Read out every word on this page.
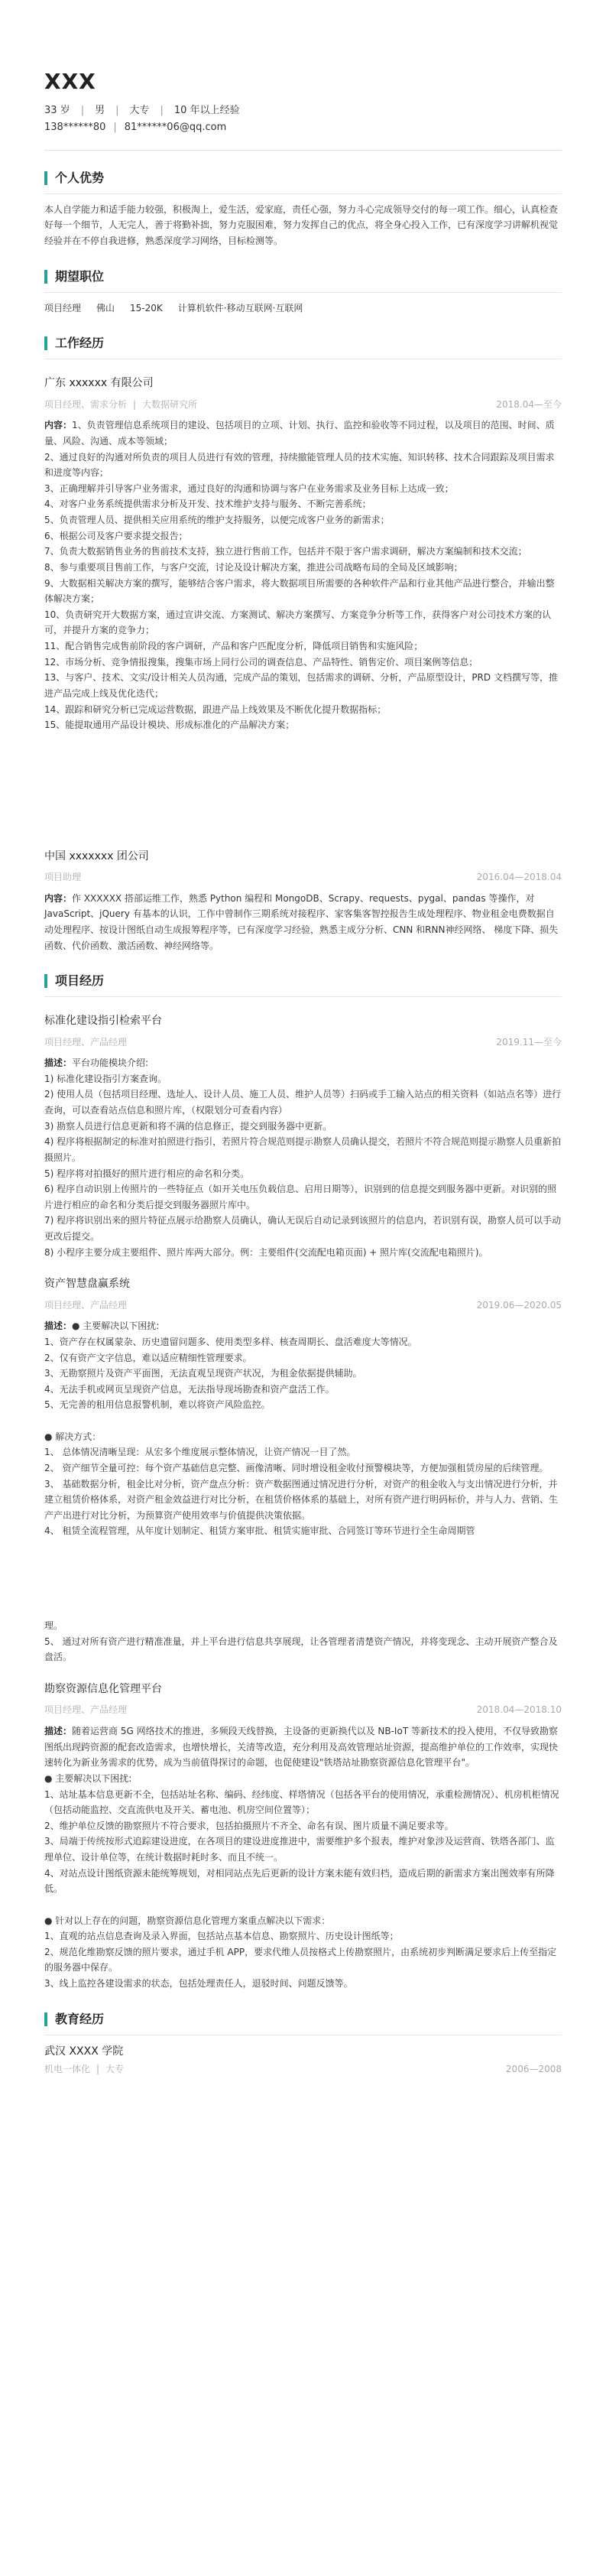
XXX
33 岁 | 男 | 大专 | 10 年以上经验
138******80 | 81******06@qq.com
个人优势

本人自学能力和适手能力较强，积极淘上，爱生活，爱家庭，责任心强，努力斗心完成领导交付的每一项工作。细心，认真检查好每一个细节，人无完人，善于将勤补拙，努力克服困难，努力发挥自己的优点，将全身心投入工作，已有深度学习讲解机视觉经验并在不停自我进修，熟悉深度学习网络，目标检测等。

期望职位
项目经理 佛山 15-20K 计算机软件·移动互联网·互联网
工作经历
广东 xxxxxx 有限公司
项目经理、需求分析 | 大数据研究所	2018.04—至今

内容：1、负责管理信息系统项目的建设、包括项目的立项、计划、执行、监控和验收等不同过程，以及项目的范围、时间、质量、风险、沟通、成本等领域；

2、通过良好的沟通对所负责的项目人员进行有效的管理，持续撤能管理人员的技术实施、知识转移、技术合同跟踪及项目需求和进度等内容；

3、正确理解并引导客户业务需求，通过良好的沟通和协调与客户在业务需求及业务目标上达成一致；

4、对客户业务系统提供需求分析及开发、技术维护支持与服务、不断完善系统；

5、负责管理人员、提供相关应用系统的维护支持服务，以便完成客户业务的新需求；

6、根据公司及客户要求提交报告；

7、负责大数据销售业务的售前技术支持，独立进行售前工作，包括并不限于客户需求调研，解决方案编制和技术交流；

8、参与重要项目售前工作，与客户交流，讨论及设计解决方案，推进公司战略布局的全局及区域影响；

9、大数据相关解决方案的撰写，能够结合客户需求，将大数据项目所需要的各种软件产品和行业其他产品进行整合，并输出整体解决方案；

10、负责研究开大数据方案，通过宣讲交流、方案测试、解决方案撰写、方案竞争分析等工作，获得客户对公司技术方案的认可，并提升方案的竞争力；

11、配合销售完成售前阶段的客户调研，产品和客户匹配度分析，降低项目销售和实施风险；

12、市场分析、竞争情报搜集，搜集市场上同行公司的调查信息、产品特性、销售定价、项目案例等信息；

13、与客户、技术、文实/设计相关人员沟通，完成产品的策划，包括需求的调研、分析，产品原型设计，PRD 文档撰写等，推进产品完成上线及优化迭代；

14、跟踪和研究分析已完成运营数据，跟进产品上线效果及不断优化提升数据指标；

15、能提取通用产品设计模块、形成标准化的产品解决方案；

中国 xxxxxxx 团公司
项目助理	2016.04—2018.04

内容：作 XXXXXX 搭部运维工作，熟悉 Python 编程和 MongoDB、Scrapy、requests、pygal、pandas 等操作，对 JavaScript、jQuery 有基本的认识，工作中曾制作三期系统对接程序、家客集客智控报告生成处理程序、物业租金电费数据自动处理程序、按设计图纸自动生成报筹程序等，已有深度学习经验，熟悉主成分分析、CNN 和RNN神经网络、 梯度下降、损失函数、代价函数、激活函数、神经网络等。

项目经历
标准化建设指引检索平台
项目经理、产品经理	2019.11—至今

描述：平台功能模块介绍:

1) 标准化建设指引方案查询。

2) 使用人员（包括项目经理、选址人、设计人员、施工人员、维护人员等）扫码或手工输入站点的相关资料（如站点名等）进行查询，可以查看站点信息和照片库，（权限划分可查看内容）

3) 勘察人员进行信息更新和将不满的信息修正，提交到服务器中更新。

4) 程序将根据制定的标准对拍照进行指引，若照片符合规范则提示勘察人员确认提交，若照片不符合规范则提示勘察人员重新拍摄照片。

5) 程序将对拍摄好的照片进行相应的命名和分类。

6) 程序自动识别上传照片的一些特征点（如开关电压负载信息、启用日期等），识别到的信息提交到服务器中更新。对识别的照片进行相应的命名和分类后提交到服务器照片库中。

7) 程序将识别出来的照片特征点展示给勘察人员确认，确认无误后自动记录到该照片的信息内，若识别有误，勘察人员可以手动更改后提交。

8) 小程序主要分成主要组件、照片库两大部分。例：主要组件(交流配电箱页面) + 照片库(交流配电箱照片)。

资产智慧盘赢系统
项目经理、产品经理	2019.06—2020.05

描述：● 主要解决以下困扰:

1、资产存在权属蒙杂、历史遗留问题多、使用类型多样、核查周期长、盘活难度大等情况。

2、仅有资产文字信息，难以适应精细性管理要求。

3、无勘察照片及资产平面图，无法直观呈现资产状况，为租金依据提供辅助。

4、无法手机或网页呈现资产信息，无法指导现场勘查和资产盘活工作。

5、无完善的租用信息报警机制，难以将资产风险监控。

● 解决方式：

1、 总体情况清晰呈现：从宏多个维度展示整体情况，让资产情况一目了然。

2、 资产细节全量可控：每个资产基础信息完整、画像清晰、同时增设租金收付预警模块等，方便加强租赁房屋的后续管理。

3、 基础数据分析，租金比对分析，资产盘点分析：资产数据图通过情况进行分析，对资产的租金收入与支出情况进行分析，并建立租赁价格体系，对资产租金效益进行对比分析，在租赁价格体系的基础上，对所有资产进行明码标价，并与人力、营销、生产产出进行对比分析，为预算资产使用效率与价值提供决策依据。

4、 租赁全流程管理，从年度计划制定、租赁方案审批、租赁实施审批、合同签订等环节进行全生命周期管

理。

5、 通过对所有资产进行精准准量，并上平台进行信息共享展现，让各管理者清楚资产情况，并将变现念、主动开展资产整合及盘活。

勘察资源信息化管理平台
项目经理、产品经理	2018.04—2018.10

描述：随着运营商 5G 网络技术的推进，多频段天线替换，主设备的更新换代以及 NB-IoT 等新技术的投入使用，不仅导致勘察图纸出现跨资源的配套改造需求，也增快增长，关清等改造，充分利用及高效管理站址资源，提高维护单位的工作效率，实现快速转化为新业务需求的优势，成为当前值得探讨的命题，也促使建设"铁塔站址勘察资源信息化管理平台"。

● 主要解决以下困扰:

1、站址基本信息更新不全，包括站址名称、编码、经纬度、样塔情况（包括各平台的使用情况，承重检测情况）、机房机柜情况（包括动能监控、交直流供电及开关、蓄电池、机房空间位置等）；

2、维护单位反馈的勘察照片不符合要求，包括拍摄照片不齐全、命名有误、图片质量不满足要求等。

3、局端于传统按形式追踪建设进度，在各项目的建设进度推进中，需要维护多个报表，维护对象涉及运营商、铁塔各部门、监理单位、设计单位等，在统计数据时耗时多、而且不统一。

4、对站点设计图纸资源未能统筹规划，对相同站点先后更新的设计方案未能有效归档，造成后期的新需求方案出图效率有所降低。

● 针对以上存在的问题，勘察资源信息化管理方案重点解决以下需求：

1、直观的站点信息查询及录入界面，包括站点基本信息、勘察照片、历史设计图纸等；

2、规范化维勘察反馈的照片要求，通过手机 APP，要求代维人员按格式上传勘察照片，由系统初步判断满足要求后上传至指定的服务器中保存。

3、线上监控各建设需求的状态，包括处理责任人，退驳时间、问题反馈等。

教育经历
武汉 XXXX 学院
机电一体化 | 大专	2006—2008
